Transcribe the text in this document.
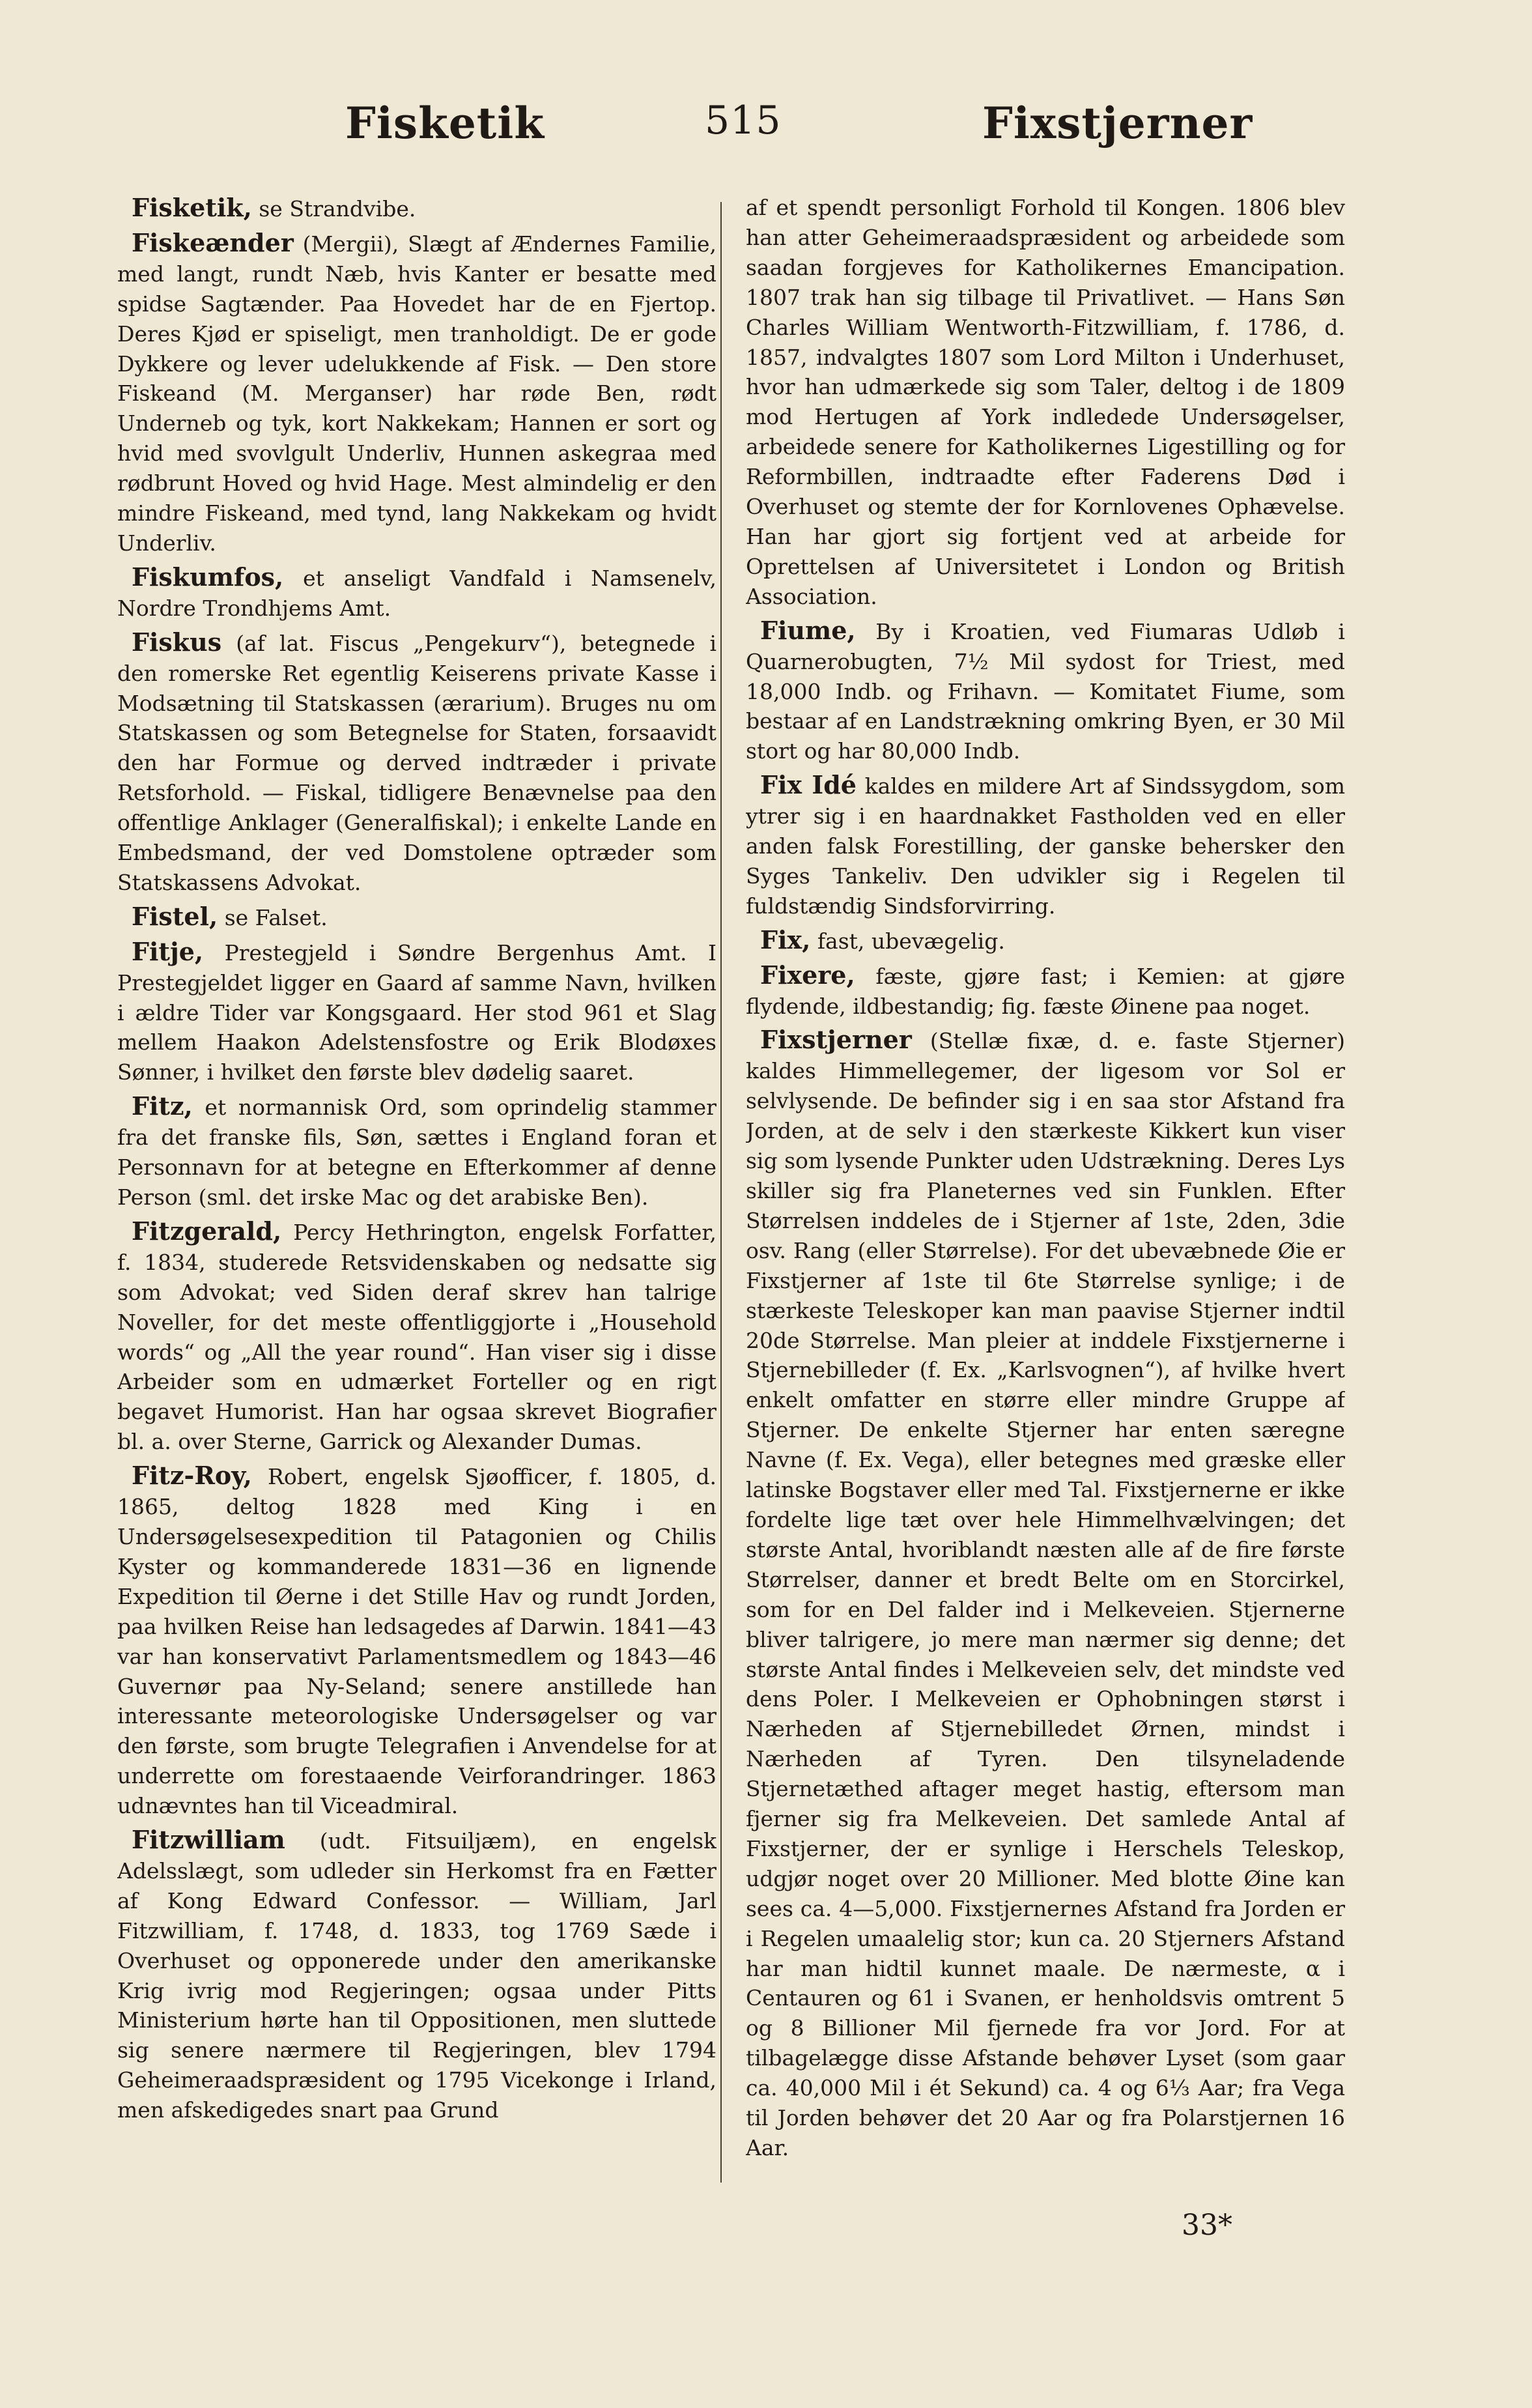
Fisketik	515	Fixstjerner

Fisketik, se Strandvibe.

Fiskeænder (Mergii), Slægt af Ændernes Familie, med langt, rundt Næb, hvis Kanter er besatte med spidse Sagtænder. Paa Hovedet har de en Fjertop. Deres Kjød er spiseligt, men tranholdigt. De er gode Dykkere og lever udelukkende af Fisk. — Den store Fiskeand (M. Merganser) har røde Ben, rødt Underneb og tyk, kort Nakkekam; Hannen er sort og hvid med svovlgult Underliv, Hunnen askegraa med rødbrunt Hoved og hvid Hage. Mest almindelig er den mindre Fiskeand, med tynd, lang Nakkekam og hvidt Underliv.

Fiskumfos, et anseligt Vandfald i Namsenelv, Nordre Trondhjems Amt.

Fiskus (af lat. Fiscus „Pengekurv“), betegnede i den romerske Ret egentlig Keiserens private Kasse i Modsætning til Statskassen (ærarium). Bruges nu om Statskassen og som Betegnelse for Staten, forsaavidt den har Formue og derved indtræder i private Retsforhold. — Fiskal, tidligere Benævnelse paa den offentlige Anklager (Generalfiskal); i enkelte Lande en Embedsmand, der ved Domstolene optræder som Statskassens Advokat.

Fistel, se Falset.

Fitje, Prestegjeld i Søndre Bergenhus Amt. I Prestegjeldet ligger en Gaard af samme Navn, hvilken i ældre Tider var Kongsgaard. Her stod 961 et Slag mellem Haakon Adelstensfostre og Erik Blodøxes Sønner, i hvilket den første blev dødelig saaret.

Fitz, et normannisk Ord, som oprindelig stammer fra det franske fils, Søn, sættes i England foran et Personnavn for at betegne en Efterkommer af denne Person (sml. det irske Mac og det arabiske Ben).

Fitzgerald, Percy Hethrington, engelsk Forfatter, f. 1834, studerede Retsvidenskaben og nedsatte sig som Advokat; ved Siden deraf skrev han talrige Noveller, for det meste offentliggjorte i „Household words“ og „All the year round“. Han viser sig i disse Arbeider som en udmærket Forteller og en rigt begavet Humorist. Han har ogsaa skrevet Biografier bl. a. over Sterne, Garrick og Alexander Dumas.

Fitz-Roy, Robert, engelsk Sjøofficer, f. 1805, d. 1865, deltog 1828 med King i en Undersøgelsesexpedition til Patagonien og Chilis Kyster og kommanderede 1831—36 en lignende Expedition til Øerne i det Stille Hav og rundt Jorden, paa hvilken Reise han ledsagedes af Darwin. 1841—43 var han konservativt Parlamentsmedlem og 1843—46 Guvernør paa Ny-Seland; senere anstillede han interessante meteorologiske Undersøgelser og var den første, som brugte Telegrafien i Anvendelse for at underrette om forestaaende Veirforandringer. 1863 udnævntes han til Viceadmiral.

Fitzwilliam (udt. Fitsuiljæm), en engelsk Adelsslægt, som udleder sin Herkomst fra en Fætter af Kong Edward Confessor. — William, Jarl Fitzwilliam, f. 1748, d. 1833, tog 1769 Sæde i Overhuset og opponerede under den amerikanske Krig ivrig mod Regjeringen; ogsaa under Pitts Ministerium hørte han til Oppositionen, men sluttede sig senere nærmere til Regjeringen, blev 1794 Geheimeraadspræsident og 1795 Vicekonge i Irland, men afskedigedes snart paa Grund

af et spendt personligt Forhold til Kongen. 1806 blev han atter Geheimeraadspræsident og arbeidede som saadan forgjeves for Katholikernes Emancipation. 1807 trak han sig tilbage til Privatlivet. — Hans Søn Charles William Wentworth-Fitzwilliam, f. 1786, d. 1857, indvalgtes 1807 som Lord Milton i Underhuset, hvor han udmærkede sig som Taler, deltog i de 1809 mod Hertugen af York indledede Undersøgelser, arbeidede senere for Katholikernes Ligestilling og for Reformbillen, indtraadte efter Faderens Død i Overhuset og stemte der for Kornlovenes Ophævelse. Han har gjort sig fortjent ved at arbeide for Oprettelsen af Universitetet i London og British Association.

Fiume, By i Kroatien, ved Fiumaras Udløb i Quarnerobugten, 7½ Mil sydost for Triest, med 18,000 Indb. og Frihavn. — Komitatet Fiume, som bestaar af en Landstrækning omkring Byen, er 30 Mil stort og har 80,000 Indb.

Fix Idé kaldes en mildere Art af Sindssygdom, som ytrer sig i en haardnakket Fastholden ved en eller anden falsk Forestilling, der ganske behersker den Syges Tankeliv. Den udvikler sig i Regelen til fuldstændig Sindsforvirring.

Fix, fast, ubevægelig.

Fixere, fæste, gjøre fast; i Kemien: at gjøre flydende, ildbestandig; fig. fæste Øinene paa noget.

Fixstjerner (Stellæ fixæ, d. e. faste Stjerner) kaldes Himmellegemer, der ligesom vor Sol er selvlysende. De befinder sig i en saa stor Afstand fra Jorden, at de selv i den stærkeste Kikkert kun viser sig som lysende Punkter uden Udstrækning. Deres Lys skiller sig fra Planeternes ved sin Funklen. Efter Størrelsen inddeles de i Stjerner af 1ste, 2den, 3die osv. Rang (eller Størrelse). For det ubevæbnede Øie er Fixstjerner af 1ste til 6te Størrelse synlige; i de stærkeste Teleskoper kan man paavise Stjerner indtil 20de Størrelse. Man pleier at inddele Fixstjernerne i Stjernebilleder (f. Ex. „Karlsvognen“), af hvilke hvert enkelt omfatter en større eller mindre Gruppe af Stjerner. De enkelte Stjerner har enten særegne Navne (f. Ex. Vega), eller betegnes med græske eller latinske Bogstaver eller med Tal. Fixstjernerne er ikke fordelte lige tæt over hele Himmelhvælvingen; det største Antal, hvoriblandt næsten alle af de fire første Størrelser, danner et bredt Belte om en Storcirkel, som for en Del falder ind i Melkeveien. Stjernerne bliver talrigere, jo mere man nærmer sig denne; det største Antal findes i Melkeveien selv, det mindste ved dens Poler. I Melkeveien er Ophobningen størst i Nærheden af Stjernebilledet Ørnen, mindst i Nærheden af Tyren. Den tilsyneladende Stjernetæthed aftager meget hastig, eftersom man fjerner sig fra Melkeveien. Det samlede Antal af Fixstjerner, der er synlige i Herschels Teleskop, udgjør noget over 20 Millioner. Med blotte Øine kan sees ca. 4—5,000. Fixstjernernes Afstand fra Jorden er i Regelen umaalelig stor; kun ca. 20 Stjerners Afstand har man hidtil kunnet maale. De nærmeste, α i Centauren og 61 i Svanen, er henholdsvis omtrent 5 og 8 Billioner Mil fjernede fra vor Jord. For at tilbagelægge disse Afstande behøver Lyset (som gaar ca. 40,000 Mil i ét Sekund) ca. 4 og 6⅓ Aar; fra Vega til Jorden behøver det 20 Aar og fra Polarstjernen 16 Aar.

33*
